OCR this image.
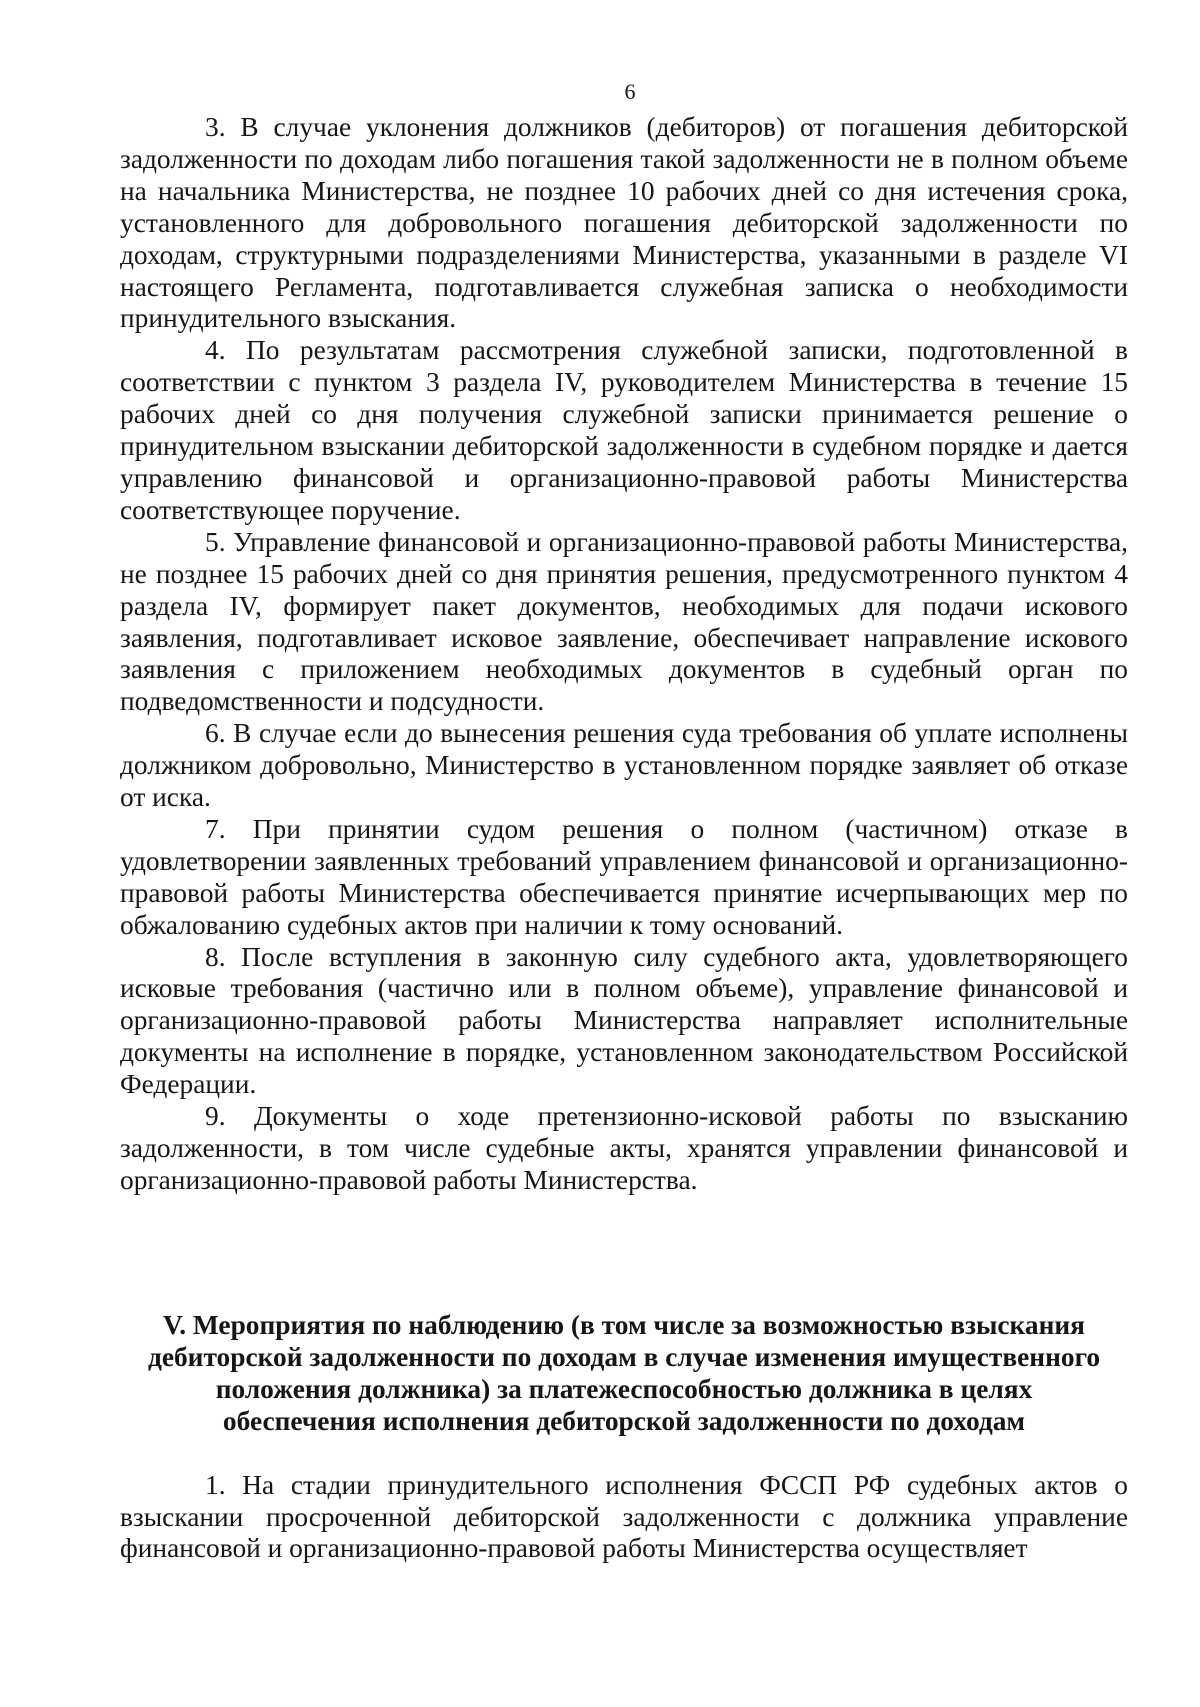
6

3. В случае уклонения должников (дебиторов) от погашения дебиторской задолженности по доходам либо погашения такой задолженности не в полном объеме на начальника Министерства, не позднее 10 рабочих дней со дня истечения срока, установленного для добровольного погашения дебиторской задолженности по доходам, структурными подразделениями Министерства, указанными в разделе VI настоящего Регламента, подготавливается служебная записка о необходимости принудительного взыскания.

4. По результатам рассмотрения служебной записки, подготовленной в соответствии с пунктом 3 раздела IV, руководителем Министерства в течение 15 рабочих дней со дня получения служебной записки принимается решение о принудительном взыскании дебиторской задолженности в судебном порядке и дается управлению финансовой и организационно-правовой работы Министерства соответствующее поручение.

5. Управление финансовой и организационно-правовой работы Министерства, не позднее 15 рабочих дней со дня принятия решения, предусмотренного пунктом 4 раздела IV, формирует пакет документов, необходимых для подачи искового заявления, подготавливает исковое заявление, обеспечивает направление искового заявления с приложением необходимых документов в судебный орган по подведомственности и подсудности.

6. В случае если до вынесения решения суда требования об уплате исполнены должником добровольно, Министерство в установленном порядке заявляет об отказе от иска.

7. При принятии судом решения о полном (частичном) отказе в удовлетворении заявленных требований управлением финансовой и организационно-правовой работы Министерства обеспечивается принятие исчерпывающих мер по обжалованию судебных актов при наличии к тому оснований.

8. После вступления в законную силу судебного акта, удовлетворяющего исковые требования (частично или в полном объеме), управление финансовой и организационно-правовой работы Министерства направляет исполнительные документы на исполнение в порядке, установленном законодательством Российской Федерации.

9. Документы о ходе претензионно-исковой работы по взысканию задолженности, в том числе судебные акты, хранятся управлении финансовой и организационно-правовой работы Министерства.

V. Мероприятия по наблюдению (в том числе за возможностью взыскания дебиторской задолженности по доходам в случае изменения имущественного положения должника) за платежеспособностью должника в целях обеспечения исполнения дебиторской задолженности по доходам

1. На стадии принудительного исполнения ФССП РФ судебных актов о взыскании просроченной дебиторской задолженности с должника управление финансовой и организационно-правовой работы Министерства осуществляет
